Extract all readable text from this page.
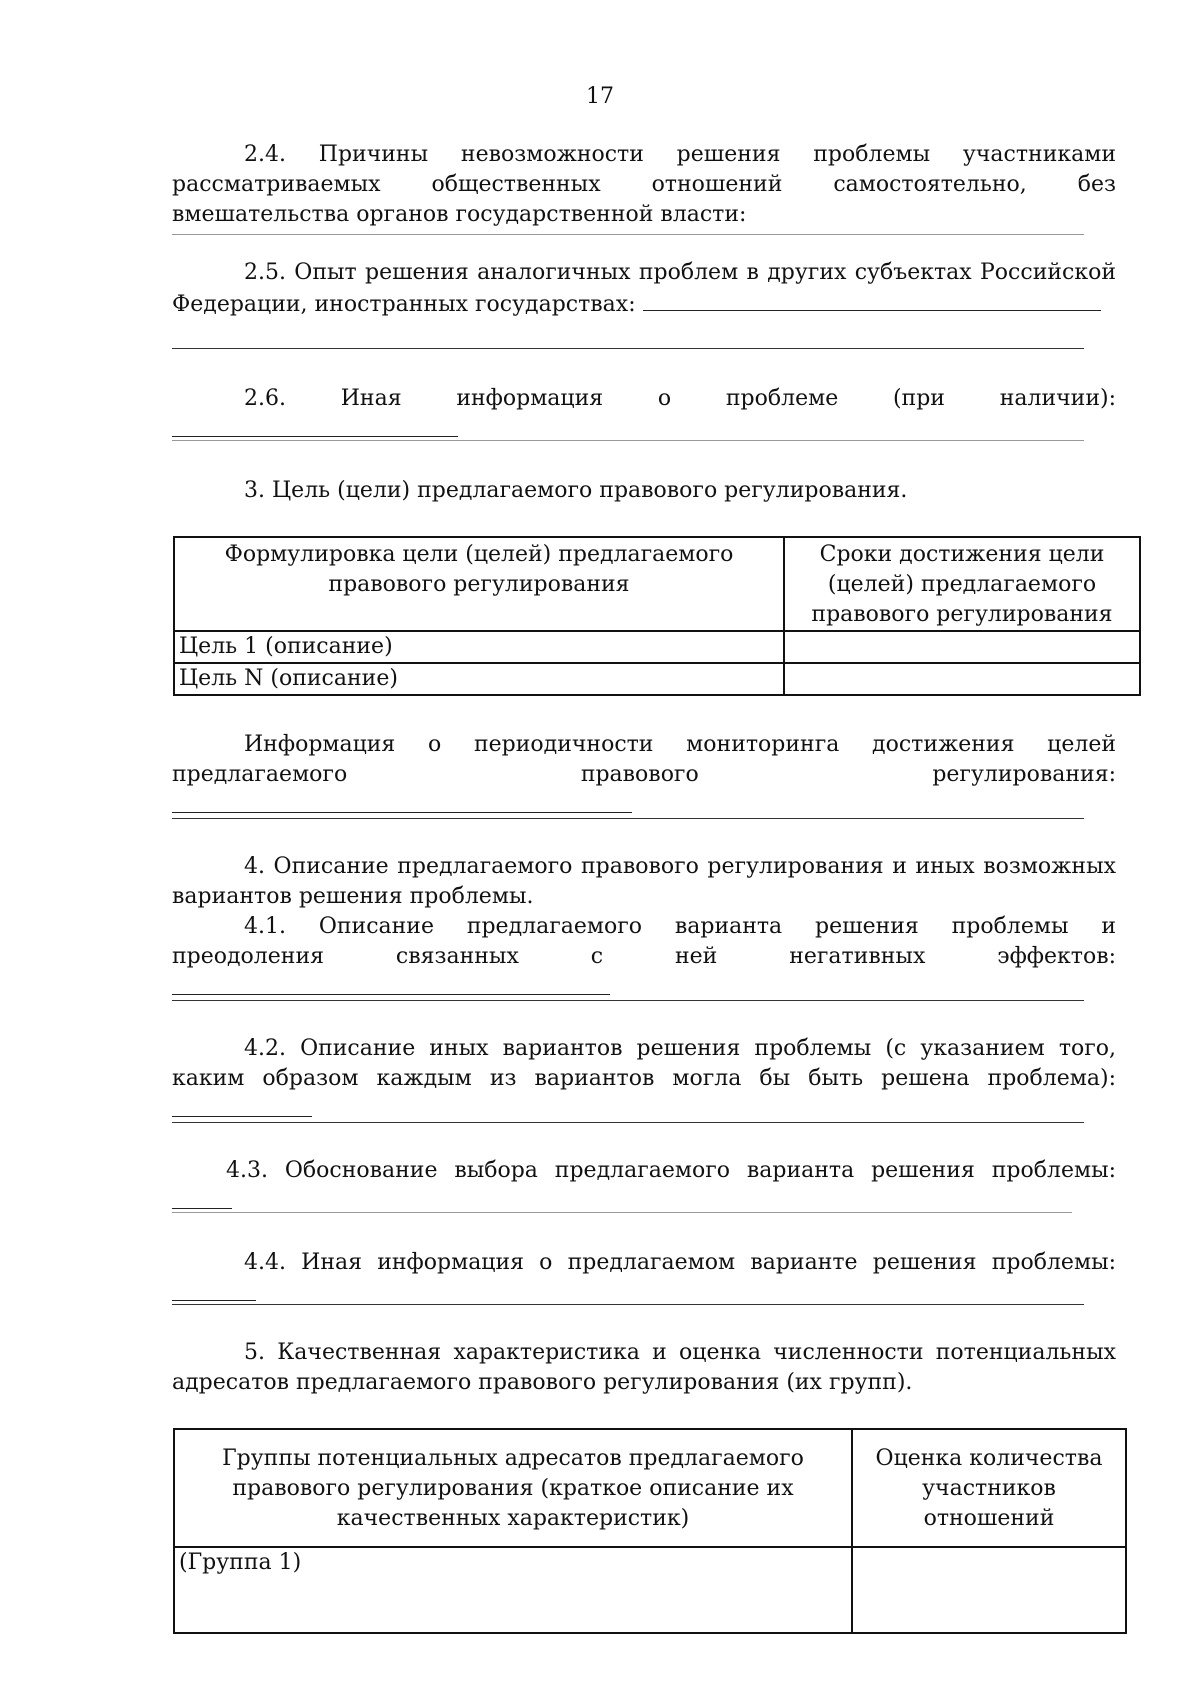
17
2.4. Причины невозможности решения проблемы участниками рассматриваемых общественных отношений самостоятельно, без вмешательства органов государственной власти:
2.5. Опыт решения аналогичных проблем в других субъектах Российской Федерации, иностранных государствах:
2.6. Иная информация о проблеме (при наличии):
3. Цель (цели) предлагаемого правового регулирования.
Формулировка цели (целей) предлагаемого правового регулирования	Сроки достижения цели (целей) предлагаемого правового регулирования
Цель 1 (описание)	
Цель N (описание)	
Информация о периодичности мониторинга достижения целей предлагаемого правового регулирования:
4. Описание предлагаемого правового регулирования и иных возможных вариантов решения проблемы.
4.1. Описание предлагаемого варианта решения проблемы и преодоления связанных с ней негативных эффектов:
4.2. Описание иных вариантов решения проблемы (с указанием того, каким образом каждым из вариантов могла бы быть решена проблема):
4.3. Обоснование выбора предлагаемого варианта решения проблемы:
4.4. Иная информация о предлагаемом варианте решения проблемы:
5. Качественная характеристика и оценка численности потенциальных адресатов предлагаемого правового регулирования (их групп).
Группы потенциальных адресатов предлагаемого правового регулирования (краткое описание их качественных характеристик)	Оценка количества участников отношений
(Группа 1)	
